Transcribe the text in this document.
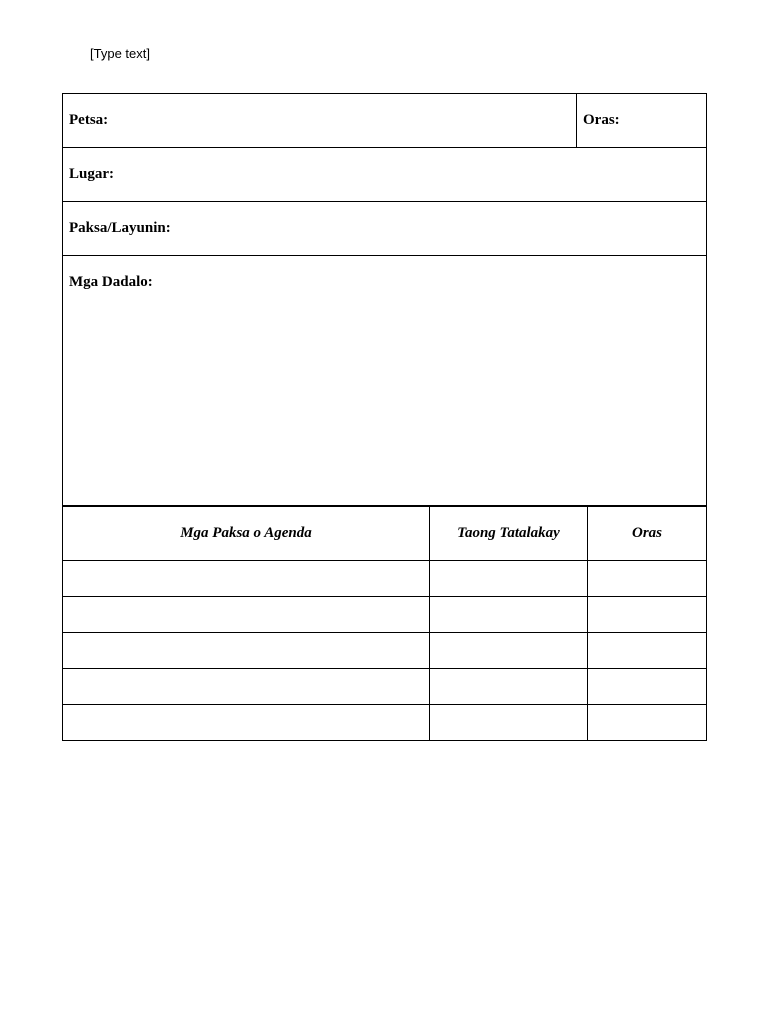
[Type text]
Petsa:	Oras:
Lugar:
Paksa/Layunin:
Mga Dadalo:
Mga Paksa o Agenda	Taong Tatalakay	Oras
